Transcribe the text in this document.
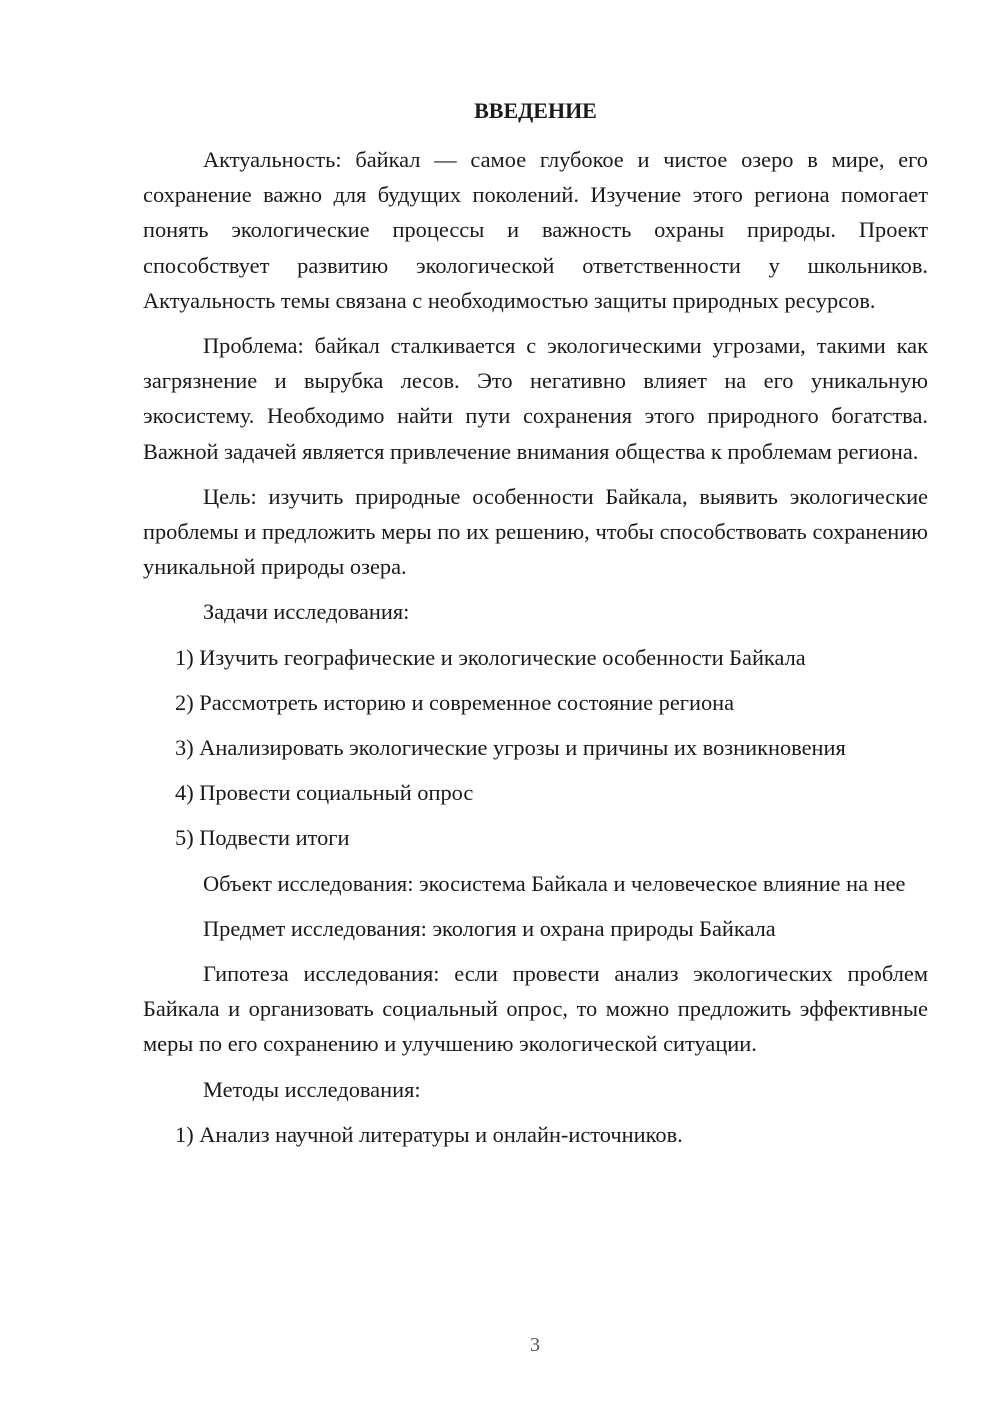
ВВЕДЕНИЕ

Актуальность: байкал — самое глубокое и чистое озеро в мире, его сохранение важно для будущих поколений. Изучение этого региона помогает понять экологические процессы и важность охраны природы. Проект способствует развитию экологической ответственности у школьников. Актуальность темы связана с необходимостью защиты природных ресурсов.

Проблема: байкал сталкивается с экологическими угрозами, такими как загрязнение и вырубка лесов. Это негативно влияет на его уникальную экосистему. Необходимо найти пути сохранения этого природного богатства. Важной задачей является привлечение внимания общества к проблемам региона.

Цель: изучить природные особенности Байкала, выявить экологические проблемы и предложить меры по их решению, чтобы способствовать сохранению уникальной природы озера.

Задачи исследования:

1) Изучить географические и экологические особенности Байкала

2) Рассмотреть историю и современное состояние региона

3) Анализировать экологические угрозы и причины их возникновения

4) Провести социальный опрос

5) Подвести итоги

Объект исследования: экосистема Байкала и человеческое влияние на нее

Предмет исследования: экология и охрана природы Байкала

Гипотеза исследования: если провести анализ экологических проблем Байкала и организовать социальный опрос, то можно предложить эффективные меры по его сохранению и улучшению экологической ситуации.

Методы исследования:

1) Анализ научной литературы и онлайн-источников.

3
